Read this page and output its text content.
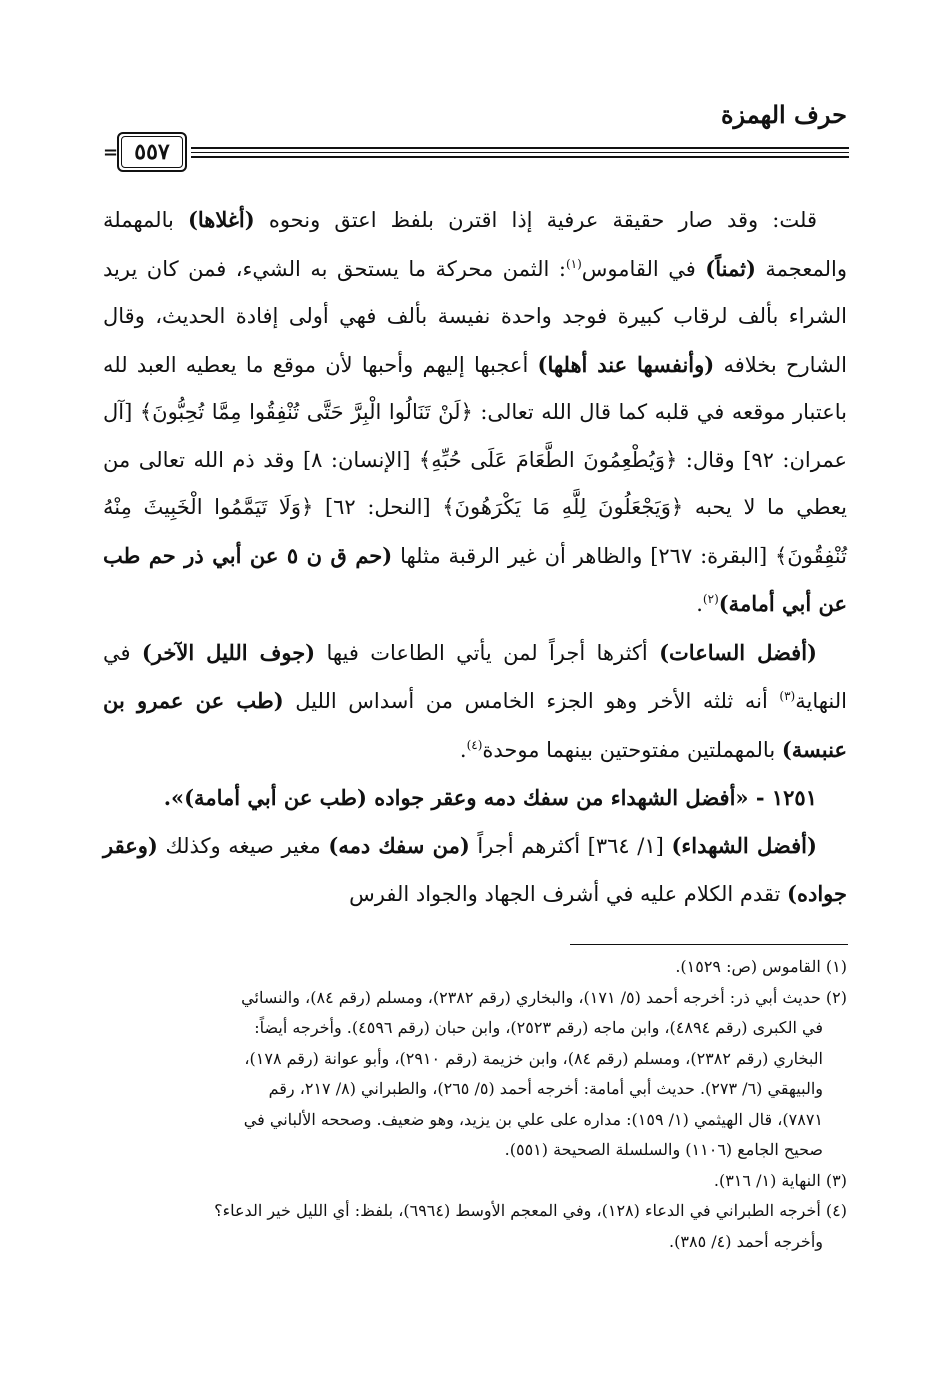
حرف الهمزة
= ٥٥٧

قلت: وقد صار حقيقة عرفية إذا اقترن بلفظ اعتق ونحوه (أغلاها) بالمهملة والمعجمة (ثمناً) في القاموس$^{(١)}$: الثمن محركة ما يستحق به الشيء، فمن كان يريد الشراء بألف لرقاب كبيرة فوجد واحدة نفيسة بألف فهي أولى إفادة الحديث، وقال الشارح بخلافه (وأنفسها عند أهلها) أعجبها إليهم وأحبها لأن موقع ما يعطيه العبد لله باعتبار موقعه في قلبه كما قال الله تعالى: ﴿لَنْ تَنَالُوا الْبِرَّ حَتَّى تُنْفِقُوا مِمَّا تُحِبُّونَ﴾ [آل عمران: ٩٢] وقال: ﴿وَيُطْعِمُونَ الطَّعَامَ عَلَى حُبِّهِ﴾ [الإنسان: ٨] وقد ذم الله تعالى من يعطي ما لا يحبه ﴿وَيَجْعَلُونَ لِلَّهِ مَا يَكْرَهُونَ﴾ [النحل: ٦٢] ﴿وَلَا تَيَمَّمُوا الْخَبِيثَ مِنْهُ تُنْفِقُونَ﴾ [البقرة: ٢٦٧] والظاهر أن غير الرقبة مثلها (حم ق ن ٥ عن أبي ذر حم طب عن أبي أمامة)$^{(٢)}$.

(أفضل الساعات) أكثرها أجراً لمن يأتي الطاعات فيها (جوف الليل الآخر) في النهاية$^{(٣)}$ أنه ثلثه الأخر وهو الجزء الخامس من أسداس الليل (طب عن عمرو بن عنبسة) بالمهملتين مفتوحتين بينهما موحدة$^{(٤)}$.

١٢٥١ - «أفضل الشهداء من سفك دمه وعقر جواده (طب عن أبي أمامة)».

(أفضل الشهداء) [١/ ٣٦٤] أكثرهم أجراً (من سفك دمه) مغير صيغه وكذلك (وعقر جواده) تقدم الكلام عليه في أشرف الجهاد والجواد الفرس

(١) القاموس (ص: ١٥٢٩).

(٢) حديث أبي ذر: أخرجه أحمد (٥/ ١٧١)، والبخاري (رقم ٢٣٨٢)، ومسلم (رقم ٨٤)، والنسائي

في الكبرى (رقم ٤٨٩٤)، وابن ماجه (رقم ٢٥٢٣)، وابن حبان (رقم ٤٥٩٦). وأخرجه أيضاً:

البخاري (رقم ٢٣٨٢)، ومسلم (رقم ٨٤)، وابن خزيمة (رقم ٢٩١٠)، وأبو عوانة (رقم ١٧٨)،

والبيهقي (٦/ ٢٧٣). حديث أبي أمامة: أخرجه أحمد (٥/ ٢٦٥)، والطبراني (٨/ ٢١٧، رقم

٧٨٧١)، قال الهيثمي (١/ ١٥٩): مداره على علي بن يزيد، وهو ضعيف. وصححه الألباني في

صحيح الجامع (١١٠٦) والسلسلة الصحيحة (٥٥١).

(٣) النهاية (١/ ٣١٦).

(٤) أخرجه الطبراني في الدعاء (١٢٨)، وفي المعجم الأوسط (٦٩٦٤)، بلفظ: أي الليل خير الدعاء؟

وأخرجه أحمد (٤/ ٣٨٥).
